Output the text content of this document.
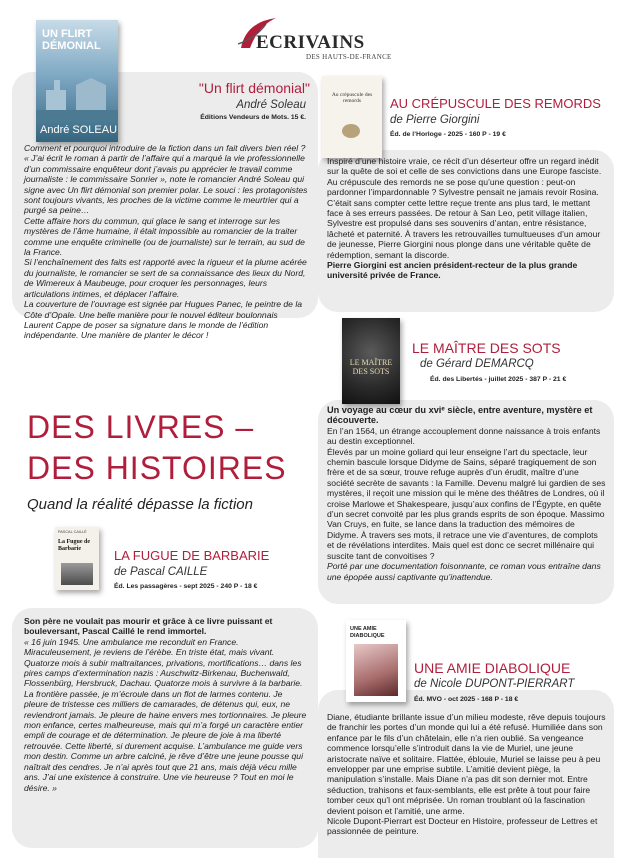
ECRIVAINS
DES HAUTS-DE-FRANCE
UN FLIRT DÉMONIAL
André SOLEAU
"Un flirt démonial"
André Soleau
Éditions Vendeurs de Mots. 15 €.

Comment et pourquoi introduire de la fiction dans un fait divers bien réel ? « J’ai écrit le roman à partir de l’affaire qui a marqué la vie professionnelle d’un commissaire enquêteur dont j’avais pu apprécier le travail comme journaliste : le commissaire Sonrier », note le romancier André Soleau qui signe avec Un flirt démonial son premier polar. Le souci : les protagonistes sont toujours vivants, les proches de la victime comme le meurtrier qui a purgé sa peine…

Cette affaire hors du commun, qui glace le sang et interroge sur les mystères de l’âme humaine, il était impossible au romancier de la traiter comme une enquête criminelle (ou de journaliste) sur le terrain, au sud de la France.

Si l’enchaînement des faits est rapporté avec la rigueur et la plume acérée du journaliste, le romancier se sert de sa connaissance des lieux du Nord, de Wimereux à Maubeuge, pour croquer les personnages, leurs articulations intimes, et déplacer l’affaire.

La couverture de l’ouvrage est signée par Hugues Panec, le peintre de la Côte d’Opale. Une belle manière pour le nouvel éditeur boulonnais Laurent Cappe de poser sa signature dans le monde de l’édition indépendante. Une manière de planter le décor !

Au crépuscule des remords	AU CRÉPUSCULE DES REMORDS
de Pierre Giorgini
Éd. de l’Horloge - 2025 - 160 P - 19 €

Inspiré d’une histoire vraie, ce récit d’un déserteur offre un regard inédit sur la quête de soi et celle de ses convictions dans une Europe fasciste.

Au crépuscule des remords ne se pose qu’une question : peut-on pardonner l’impardonnable ? Sylvestre pensait ne jamais revoir Rosina. C’était sans compter cette lettre reçue trente ans plus tard, le mettant face à ses erreurs passées. De retour à San Leo, petit village italien, Sylvestre est propulsé dans ses souvenirs d’antan, entre résistance, lâcheté et paternité. À travers les retrouvailles tumultueuses d’un amour de jeunesse, Pierre Giorgini nous plonge dans une véritable quête de rédemption, semant la discorde.

Pierre Giorgini est ancien président-recteur de la plus grande université privée de France.

LE MAÎTRE DES SOTS
LE MAÎTRE DES SOTS
de Gérard DEMARCQ
Éd. des Libertés - juillet 2025 - 387 P - 21 €

Un voyage au cœur du xviᵉ siècle, entre aventure, mystère et découverte.

En l’an 1564, un étrange accouplement donne naissance à trois enfants au destin exceptionnel.

Élevés par un moine goliard qui leur enseigne l’art du spectacle, leur chemin bascule lorsque Didyme de Sains, séparé tragiquement de son frère et de sa sœur, trouve refuge auprès d’un érudit, maître d’une société secrète de savants : la Famille. Devenu malgré lui gardien de ses mystères, il reçoit une mission qui le mène des théâtres de Londres, où il croise Marlowe et Shakespeare, jusqu’aux confins de l’Égypte, en quête d’un secret convoité par les plus grands esprits de son époque. Massimo Van Cruys, en fuite, se lance dans la traduction des mémoires de Didyme. À travers ses mots, il retrace une vie d’aventures, de complots et de révélations interdites. Mais quel est donc ce secret millénaire qui suscite tant de convoitises ?

Porté par une documentation foisonnante, ce roman vous entraîne dans une épopée aussi captivante qu’inattendue.

DES LIVRES –
DES HISTOIRES
Quand la réalité dépasse la fiction
PASCAL CAILLÉ
La Fugue de Barbarie	LA FUGUE DE BARBARIE
de Pascal CAILLE
Éd. Les passagères - sept 2025 - 240 P - 18 €

Son père ne voulait pas mourir et grâce à ce livre puissant et bouleversant, Pascal Caillé le rend immortel.

« 16 juin 1945. Une ambulance me reconduit en France. Miraculeusement, je reviens de l’érèbe. En triste état, mais vivant. Quatorze mois à subir maltraitances, privations, mortifications… dans les pires camps d’extermination nazis : Auschwitz-Birkenau, Buchenwald, Flossenbürg, Hersbruck, Dachau. Quatorze mois à survivre à la barbarie. La frontière passée, je m’écroule dans un flot de larmes contenu. Je pleure de tristesse ces milliers de camarades, de détenus qui, eux, ne reviendront jamais. Je pleure de haine envers mes tortionnaires. Je pleure mon enfance, certes malheureuse, mais qui m’a forgé un caractère entier empli de courage et de détermination. Je pleure de joie à ma liberté retrouvée. Cette liberté, si durement acquise. L’ambulance me guide vers mon destin. Comme un arbre calciné, je rêve d’être une jeune pousse qui naîtrait des cendres. Je n’ai après tout que 21 ans, mais déjà vécu mille ans. J’ai une existence à construire. Une vie heureuse ? Tout en moi le désire. »

UNE AMIE DIABOLIQUE
UNE AMIE DIABOLIQUE
de Nicole DUPONT-PIERRART
Éd. MVO - oct 2025 - 168 P - 18 €

Diane, étudiante brillante issue d’un milieu modeste, rêve depuis toujours de franchir les portes d’un monde qui lui a été refusé. Humiliée dans son enfance par le fils d’un châtelain, elle n’a rien oublié. Sa vengeance commence lorsqu’elle s’introduit dans la vie de Muriel, une jeune aristocrate naïve et solitaire. Flattée, éblouie, Muriel se laisse peu à peu envelopper par une emprise subtile. L’amitié devient piège, la manipulation s’installe. Mais Diane n’a pas dit son dernier mot. Entre séduction, trahisons et faux-semblants, elle est prête à tout pour faire tomber ceux qu’l ont méprisée. Un roman troublant où la fascination devient poison et l’amitié, une arme.

Nicole Dupont-Pierrart est Docteur en Histoire, professeur de Lettres et passionnée de peinture.
